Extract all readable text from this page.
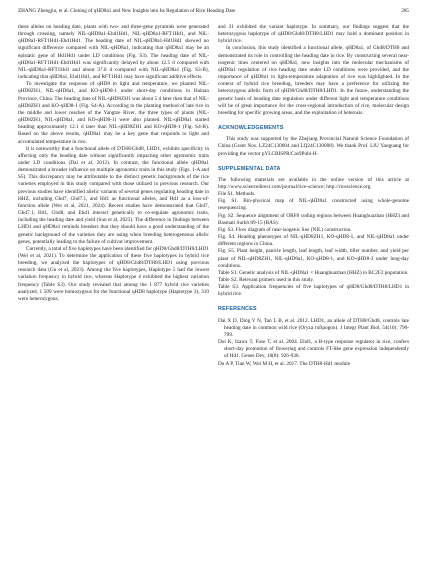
ZHANG Zhengjiu, et al. Cloning of qHD8a1 and New Insights into Its Regulation of Rice Heading Date	285

these alleles on heading date, plants with two- and three-gene pyramids were generated through crossing, namely NIL-qHD8a1-Ehd1Hd1, NIL-qHD8a1-RFT1Hd1, and NIL-qHD8a1-RFT1Hd1-Ehd1Hd1. The heading date of NIL-qHD8a1-Hd1Hd1 showed no significant difference compared with NIL-qHD8a1, indicating that qHD8a1 may be an epistatic gene of Hd1Hd1 under LD conditions (Fig. S3). The heading date of NIL-qHD8a1-RFT1Hd1-Ehd1Hd1 was significantly delayed by about 12.5 d compared with NIL-qHD8a1-RFT1Hd1 and about 37.0 d compared with NIL-qHD8a1 (Fig. S3-B), indicating that qHD8a1, Ehd1Hd1, and RFT1Hd1 may have significant additive effects.

To investigate the response of qHD8 to light and temperature, we planted NIL-qHD8ZH1, NIL-qHD8a1, and KO-qHD8-1 under short-day conditions in Hainan Province, China. The heading date of NIL-qHD8ZH1 was about 5 d later than that of NIL-qHD8ZH1 and KO-qHD8-1 (Fig. S4-A). According to the planting method of late rice in the middle and lower reaches of the Yangtze River, the three types of plants (NIL-qHD8ZH1, NIL-qHD8a1, and KO-qHD8-1) were also planted. NIL-qHD8a1 started heading approximately 12.1 d later than NIL-qHD8ZH1 and KO-qHD8-1 (Fig. S4-B). Based on the above results, qHD8a1 may be a key gene that responds to light and accumulated temperature in rice.

It is noteworthy that a functional allele of DTH8/Ghd8, LHD1, exhibits specificity in affecting only the heading date without significantly impacting other agronomic traits under LD conditions (Dai et al, 2012). In contrast, the functional allele qHD8a1 demonstrated a broader influence on multiple agronomic traits in this study (Figs. 1-A and S5). This discrepancy may be attributable to the distinct genetic backgrounds of the rice varieties employed in this study compared with those utilized in previous research. Our previous studies have identified allelic variants of several genes regulating heading date in HHZ, including Ghd7, Ghd7.1, and Hd1 as functional alleles, and Hd1 as a loss-of-function allele (Wei et al, 2021, 2024). Recent studies have demonstrated that Ghd7, Ghd7.1, Hd1, Ghd8, and Ehd1 interact genetically to co-regulate agronomic traits, including the heading date and yield (Sun et al, 2023). The difference in findings between LHD1 and qHD8a1 reminds breeders that they should have a good understanding of the genetic background of the varieties they are using when breeding heterogeneous allelic genes, potentially leading to the failure of cultivar improvement.

Currently, a total of five haplotypes have been identified for qHD8/Ghd8/DTH8/LHD1 (Wei et al, 2021). To determine the application of these five haplotypes in hybrid rice breeding, we analyzed the haplotypes of qHD8/Ghd8/DTH8/LHD1 using previous research data (Gu et al, 2023). Among the five haplotypes, Haplotype 5 had the lowest variation frequency in hybrid rice, whereas Haplotype 4 exhibited the highest variation frequency (Table S3). Our study revealed that among the 1 877 hybrid rice varieties analyzed, 1 509 were homozygous for the functional qHD8 haplotype (Haplotype 3), 310 were heterozygous,

and 31 exhibited the variant haplotype. In summary, our findings suggest that the heterozygous haplotype of qHD8/Ghd8/DTH8/LHD1 may hold a dominant position in hybrid rice.

In conclusion, this study identified a functional allele, qHD8a1, of Ghd8/DTH8 and demonstrated its role in controlling the heading date in rice. By constructing several near-isogenic lines centered on qHD8a1, new insights into the molecular mechanisms of qHD8a1 regulation of rice heading date under LD conditions were provided, and the importance of qHD8a1 in light-temperature adaptation of rice was highlighted. In the context of hybrid rice breeding, breeders may have a preference for utilizing the heterozygous allelic form of qHD8/Ghd8/DTH8/LHD1. In the future, understanding the genetic basis of heading date regulation under different light and temperature conditions will be of great importance for the cross-regional introduction of rice, molecular design breeding for specific growing areas, and the exploitation of heterosis.

ACKNOWLEDGEMENTS

This study was supported by the Zhejiang Provincial Natural Science Foundation of China (Grant Nos. LZ24C130004 and LQ24C130008). We thank Prof. LIU Yaoguang for providing the vector pYLCRISPR/Cas9Pubi-H.

SUPPLEMENTAL DATA

The following materials are available in the online version of this article at http://www.sciencedirect.com/journal/rice-science; http://ricescience.org.

File S1. Methods.

Fig. S1. Bin-physical map of NIL-qHD8a1 constructed using whole-genome resequencing.

Fig. S2. Sequence alignment of ORF8 coding regions between Huanghuazhan (HHZ) and Basmati Surkh 89-15 (BAS).

Fig. S3. Flow diagram of near-isogenic line (NIL) construction.

Fig. S4. Heading phenotypes of NIL-qHD8ZH1, KO-qHD8-1, and NIL-qHD8a1 under different regions in China.

Fig. S5. Plant height, panicle length, leaf length, leaf width, tiller number, and yield per plant of NIL-qHD8ZH1, NIL-qHD8a1, KO-qHD8-1, and KO-qHD8-2 under long-day conditions.

Table S1. Genetic analysis of NIL-qHD8a1 × Huanghuazhan (HHZ) in BC2F2 population.

Table S2. Relevant primers used in this study.

Table S3. Application frequencies of five haplotypes of qHD8/Ghd8/DTH8/LHD1 in hybrid rice.

REFERENCES

Dai X D, Ding Y N, Tan L B, et al. 2012. LHD1, an allele of DTH8/Ghd8, controls late heading date in common wild rice (Oryza rufipogon). J Integr Plant Biol, 54(10): 790-799.

Doi K, Izawa T, Fuse T, et al. 2004. Ehd1, a B-type response regulator in rice, confers short-day promotion of flowering and controls FT-like gene expression independently of Hd1. Genes Dev, 18(8): 926-936.

Du A P, Tian W, Wei M H, et al. 2017. The DTH8-Hd1 module
